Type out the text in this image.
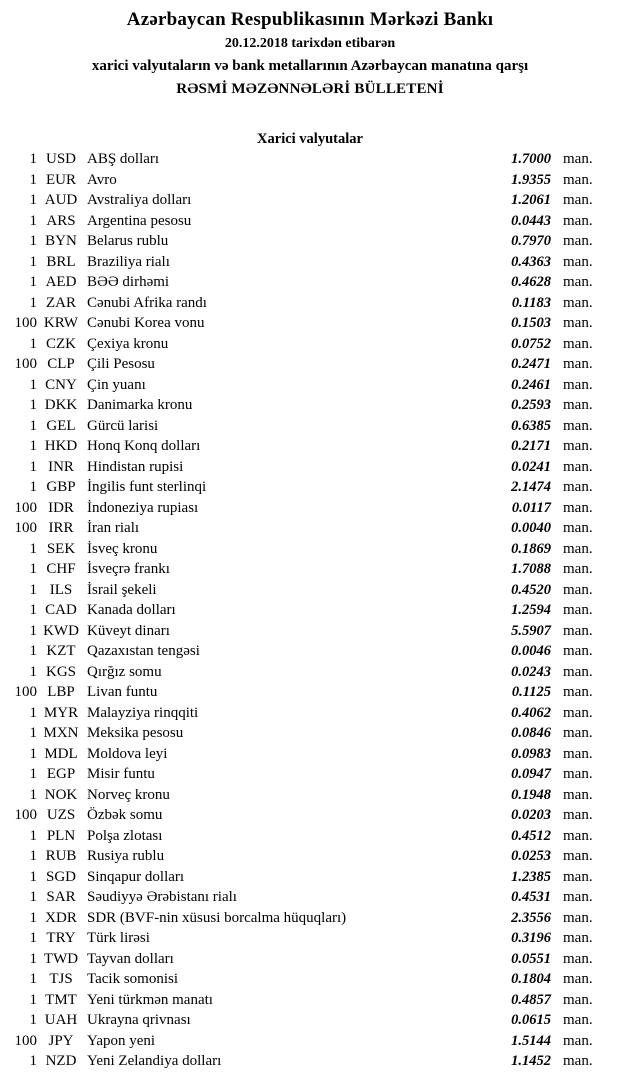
Azərbaycan Respublikasının Mərkəzi Bankı
20.12.2018 tarixdən etibarən
xarici valyutaların və bank metallarının Azərbaycan manatına qarşı
RƏSMİ MƏZƏNNƏLƏRİ BÜLLETENİ
Xarici valyutalar
1 USD ABŞ dolları	1.7000 man.
1 EUR Avro	1.9355 man.
1 AUD Avstraliya dolları	1.2061 man.
1 ARS Argentina pesosu	0.0443 man.
1 BYN Belarus rublu	0.7970 man.
1 BRL Braziliya rialı	0.4363 man.
1 AED BƏƏ dirhəmi	0.4628 man.
1 ZAR Cənubi Afrika randı	0.1183 man.
100 KRW Cənubi Korea vonu	0.1503 man.
1 CZK Çexiya kronu	0.0752 man.
100 CLP Çili Pesosu	0.2471 man.
1 CNY Çin yuanı	0.2461 man.
1 DKK Danimarka kronu	0.2593 man.
1 GEL Gürcü larisi	0.6385 man.
1 HKD Honq Konq dolları	0.2171 man.
1 INR Hindistan rupisi	0.0241 man.
1 GBP İngilis funt sterlinqi	2.1474 man.
100 IDR İndoneziya rupiası	0.0117 man.
100 IRR İran rialı	0.0040 man.
1 SEK İsveç kronu	0.1869 man.
1 CHF İsveçrə frankı	1.7088 man.
1 ILS İsrail şekeli	0.4520 man.
1 CAD Kanada dolları	1.2594 man.
1 KWD Küveyt dinarı	5.5907 man.
1 KZT Qazaxıstan tengəsi	0.0046 man.
1 KGS Qırğız somu	0.0243 man.
100 LBP Livan funtu	0.1125 man.
1 MYR Malayziya rinqqiti	0.4062 man.
1 MXN Meksika pesosu	0.0846 man.
1 MDL Moldova leyi	0.0983 man.
1 EGP Misir funtu	0.0947 man.
1 NOK Norveç kronu	0.1948 man.
100 UZS Özbək somu	0.0203 man.
1 PLN Polşa zlotası	0.4512 man.
1 RUB Rusiya rublu	0.0253 man.
1 SGD Sinqapur dolları	1.2385 man.
1 SAR Səudiyyə Ərəbistanı rialı	0.4531 man.
1 XDR SDR (BVF-nin xüsusi borcalma hüquqları)	2.3556 man.
1 TRY Türk lirəsi	0.3196 man.
1 TWD Tayvan dolları	0.0551 man.
1 TJS Tacik somonisi	0.1804 man.
1 TMT Yeni türkmən manatı	0.4857 man.
1 UAH Ukrayna qrivnası	0.0615 man.
100 JPY Yapon yeni	1.5144 man.
1 NZD Yeni Zelandiya dolları	1.1452 man.
